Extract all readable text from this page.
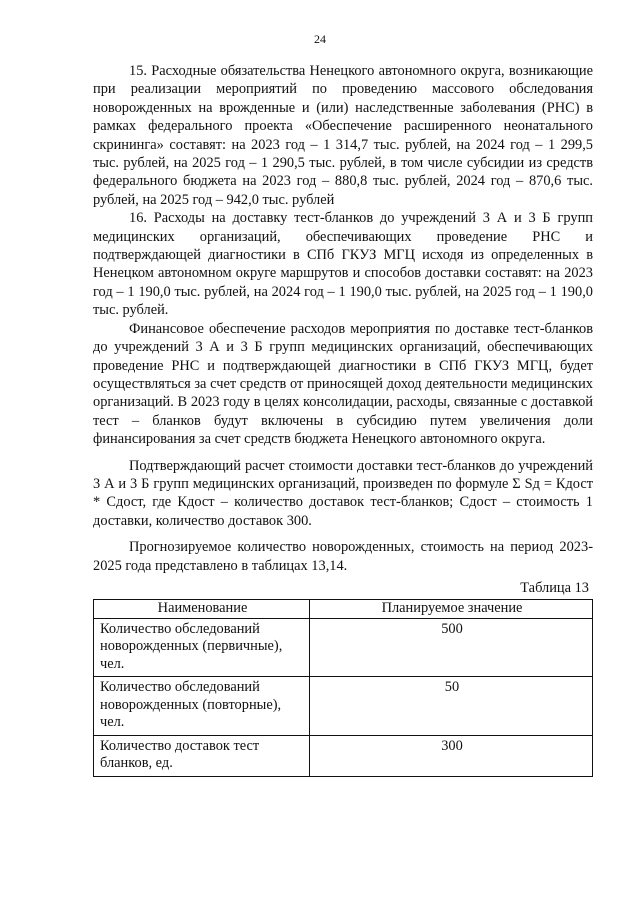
24

15. Расходные обязательства Ненецкого автономного округа, возникающие при реализации мероприятий по проведению массового обследования новорожденных на врожденные и (или) наследственные заболевания (РНС) в рамках федерального проекта «Обеспечение расширенного неонатального скрининга» составят: на 2023 год – 1 314,7 тыс. рублей, на 2024 год – 1 299,5 тыс. рублей, на 2025 год – 1 290,5 тыс. рублей, в том числе субсидии из средств федерального бюджета на 2023 год – 880,8 тыс. рублей, 2024 год – 870,6 тыс. рублей, на 2025 год – 942,0 тыс. рублей

16. Расходы на доставку тест-бланков до учреждений 3 А и 3 Б групп медицинских организаций, обеспечивающих проведение РНС и подтверждающей диагностики в СПб ГКУЗ МГЦ исходя из определенных в Ненецком автономном округе маршрутов и способов доставки составят: на 2023 год – 1 190,0 тыс. рублей, на 2024 год – 1 190,0 тыс. рублей, на 2025 год – 1 190,0 тыс. рублей.

Финансовое обеспечение расходов мероприятия по доставке тест-бланков до учреждений 3 А и 3 Б групп медицинских организаций, обеспечивающих проведение РНС и подтверждающей диагностики в СПб ГКУЗ МГЦ, будет осуществляться за счет средств от приносящей доход деятельности медицинских организаций. В 2023 году в целях консолидации, расходы, связанные с доставкой тест – бланков будут включены в субсидию путем увеличения доли финансирования за счет средств бюджета Ненецкого автономного округа.

Подтверждающий расчет стоимости доставки тест-бланков до учреждений 3 А и 3 Б групп медицинских организаций, произведен по формуле Σ Sд = Кдост * Сдост, где Кдост – количество доставок тест-бланков; Сдост – стоимость 1 доставки, количество доставок 300.

Прогнозируемое количество новорожденных, стоимость на период 2023-2025 года представлено в таблицах 13,14.

Таблица 13
Наименование	Планируемое значение
Количество обследований новорожденных (первичные), чел.	500
Количество обследований новорожденных (повторные), чел.	50
Количество доставок тест бланков, ед.	300
